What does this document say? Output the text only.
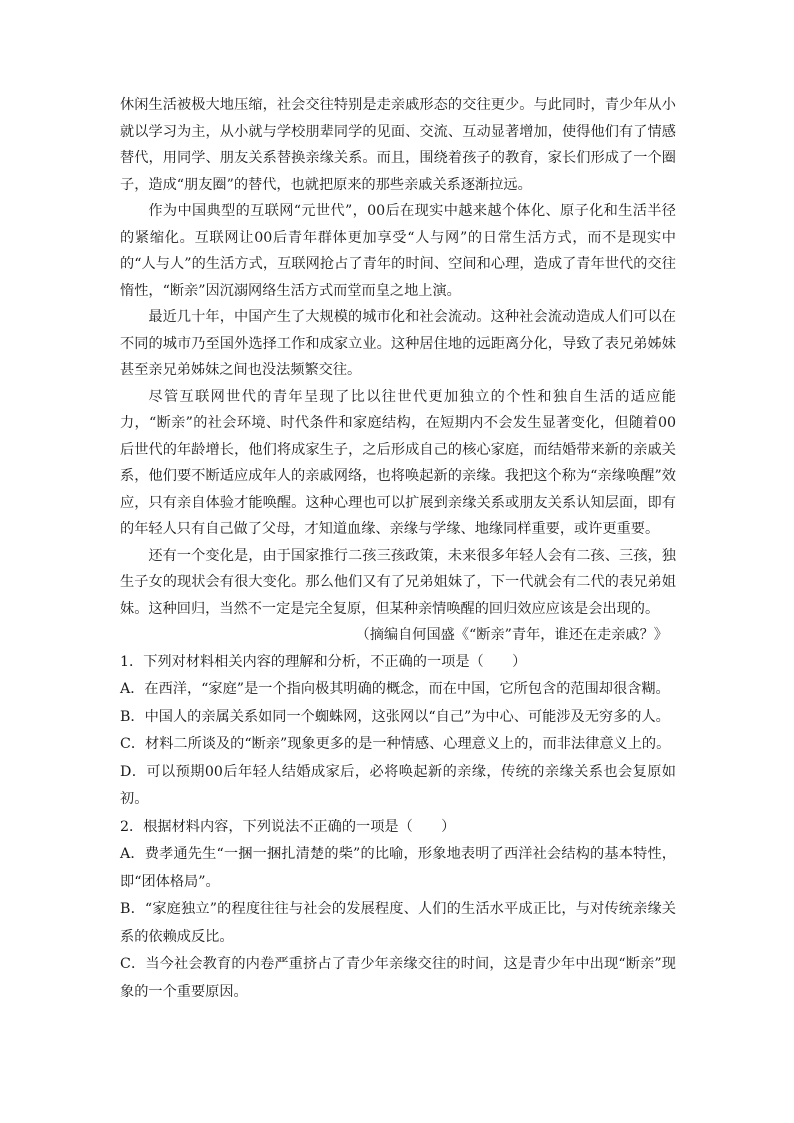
休闲生活被极大地压缩，社会交往特别是走亲戚形态的交往更少。与此同时，青少年从小就以学习为主，从小就与学校朋辈同学的见面、交流、互动显著增加，使得他们有了情感替代，用同学、朋友关系替换亲缘关系。而且，围绕着孩子的教育，家长们形成了一个圈子，造成“朋友圈”的替代，也就把原来的那些亲戚关系逐渐拉远。

作为中国典型的互联网“元世代”，00后在现实中越来越个体化、原子化和生活半径的紧缩化。互联网让00后青年群体更加享受“人与网”的日常生活方式，而不是现实中的“人与人”的生活方式，互联网抢占了青年的时间、空间和心理，造成了青年世代的交往惰性，“断亲”因沉溺网络生活方式而堂而皇之地上演。

最近几十年，中国产生了大规模的城市化和社会流动。这种社会流动造成人们可以在不同的城市乃至国外选择工作和成家立业。这种居住地的远距离分化，导致了表兄弟姊妹甚至亲兄弟姊妹之间也没法频繁交往。

尽管互联网世代的青年呈现了比以往世代更加独立的个性和独自生活的适应能力，“断亲”的社会环境、时代条件和家庭结构，在短期内不会发生显著变化，但随着00后世代的年龄增长，他们将成家生子，之后形成自己的核心家庭，而结婚带来新的亲戚关系，他们要不断适应成年人的亲戚网络，也将唤起新的亲缘。我把这个称为“亲缘唤醒”效应，只有亲自体验才能唤醒。这种心理也可以扩展到亲缘关系或朋友关系认知层面，即有的年轻人只有自己做了父母，才知道血缘、亲缘与学缘、地缘同样重要，或许更重要。

还有一个变化是，由于国家推行二孩三孩政策，未来很多年轻人会有二孩、三孩，独生子女的现状会有很大变化。那么他们又有了兄弟姐妹了，下一代就会有二代的表兄弟姐妹。这种回归，当然不一定是完全复原，但某种亲情唤醒的回归效应应该是会出现的。

（摘编自何国盛《“断亲”青年，谁还在走亲戚？》

1．下列对材料相关内容的理解和分析，不正确的一项是（　　）

A．在西洋，“家庭”是一个指向极其明确的概念，而在中国，它所包含的范围却很含糊。

B．中国人的亲属关系如同一个蜘蛛网，这张网以“自己”为中心、可能涉及无穷多的人。

C．材料二所谈及的“断亲”现象更多的是一种情感、心理意义上的，而非法律意义上的。

D．可以预期00后年轻人结婚成家后，必将唤起新的亲缘，传统的亲缘关系也会复原如初。

2．根据材料内容，下列说法不正确的一项是（　　）

A．费孝通先生“一捆一捆扎清楚的柴”的比喻，形象地表明了西洋社会结构的基本特性，即“团体格局”。

B．“家庭独立”的程度往往与社会的发展程度、人们的生活水平成正比，与对传统亲缘关系的依赖成反比。

C．当今社会教育的内卷严重挤占了青少年亲缘交往的时间，这是青少年中出现“断亲”现象的一个重要原因。
